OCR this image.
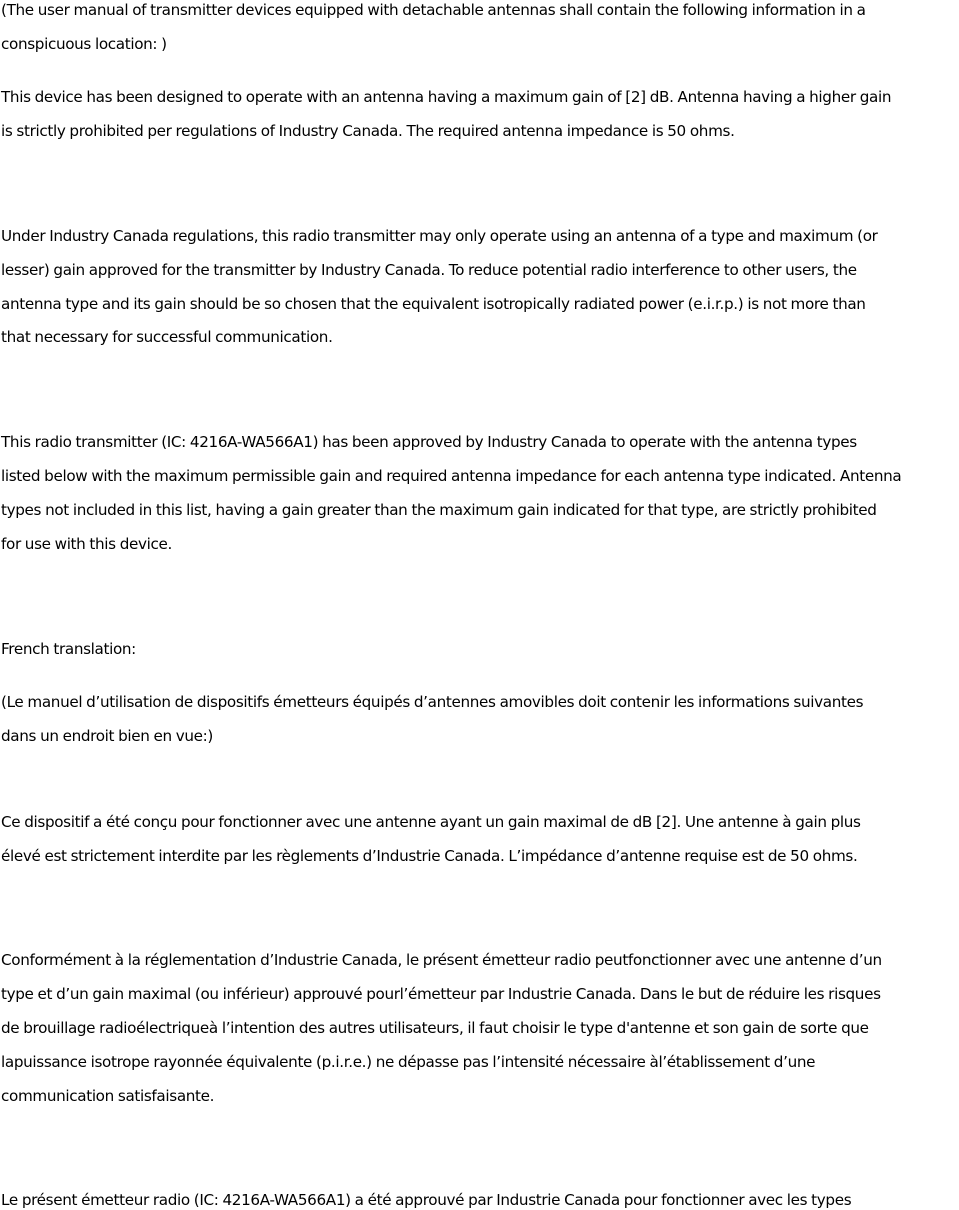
(The user manual of transmitter devices equipped with detachable antennas shall contain the following information in a
conspicuous location: )
This device has been designed to operate with an antenna having a maximum gain of [2] dB. Antenna having a higher gain
is strictly prohibited per regulations of Industry Canada. The required antenna impedance is 50 ohms.
Under Industry Canada regulations, this radio transmitter may only operate using an antenna of a type and maximum (or
lesser) gain approved for the transmitter by Industry Canada. To reduce potential radio interference to other users, the
antenna type and its gain should be so chosen that the equivalent isotropically radiated power (e.i.r.p.) is not more than
that necessary for successful communication.
This radio transmitter (IC: 4216A-WA566A1) has been approved by Industry Canada to operate with the antenna types
listed below with the maximum permissible gain and required antenna impedance for each antenna type indicated. Antenna
types not included in this list, having a gain greater than the maximum gain indicated for that type, are strictly prohibited
for use with this device.
French translation:
(Le manuel d’utilisation de dispositifs émetteurs équipés d’antennes amovibles doit contenir les informations suivantes
dans un endroit bien en vue:)
Ce dispositif a été conçu pour fonctionner avec une antenne ayant un gain maximal de dB [2]. Une antenne à gain plus
élevé est strictement interdite par les règlements d’Industrie Canada. L’impédance d’antenne requise est de 50 ohms.
Conformément à la réglementation d’Industrie Canada, le présent émetteur radio peutfonctionner avec une antenne d’un
type et d’un gain maximal (ou inférieur) approuvé pourl’émetteur par Industrie Canada. Dans le but de réduire les risques
de brouillage radioélectriqueà l’intention des autres utilisateurs, il faut choisir le type d'antenne et son gain de sorte que
lapuissance isotrope rayonnée équivalente (p.i.r.e.) ne dépasse pas l’intensité nécessaire àl’établissement d’une
communication satisfaisante.
Le présent émetteur radio (IC: 4216A-WA566A1) a été approuvé par Industrie Canada pour fonctionner avec les types
